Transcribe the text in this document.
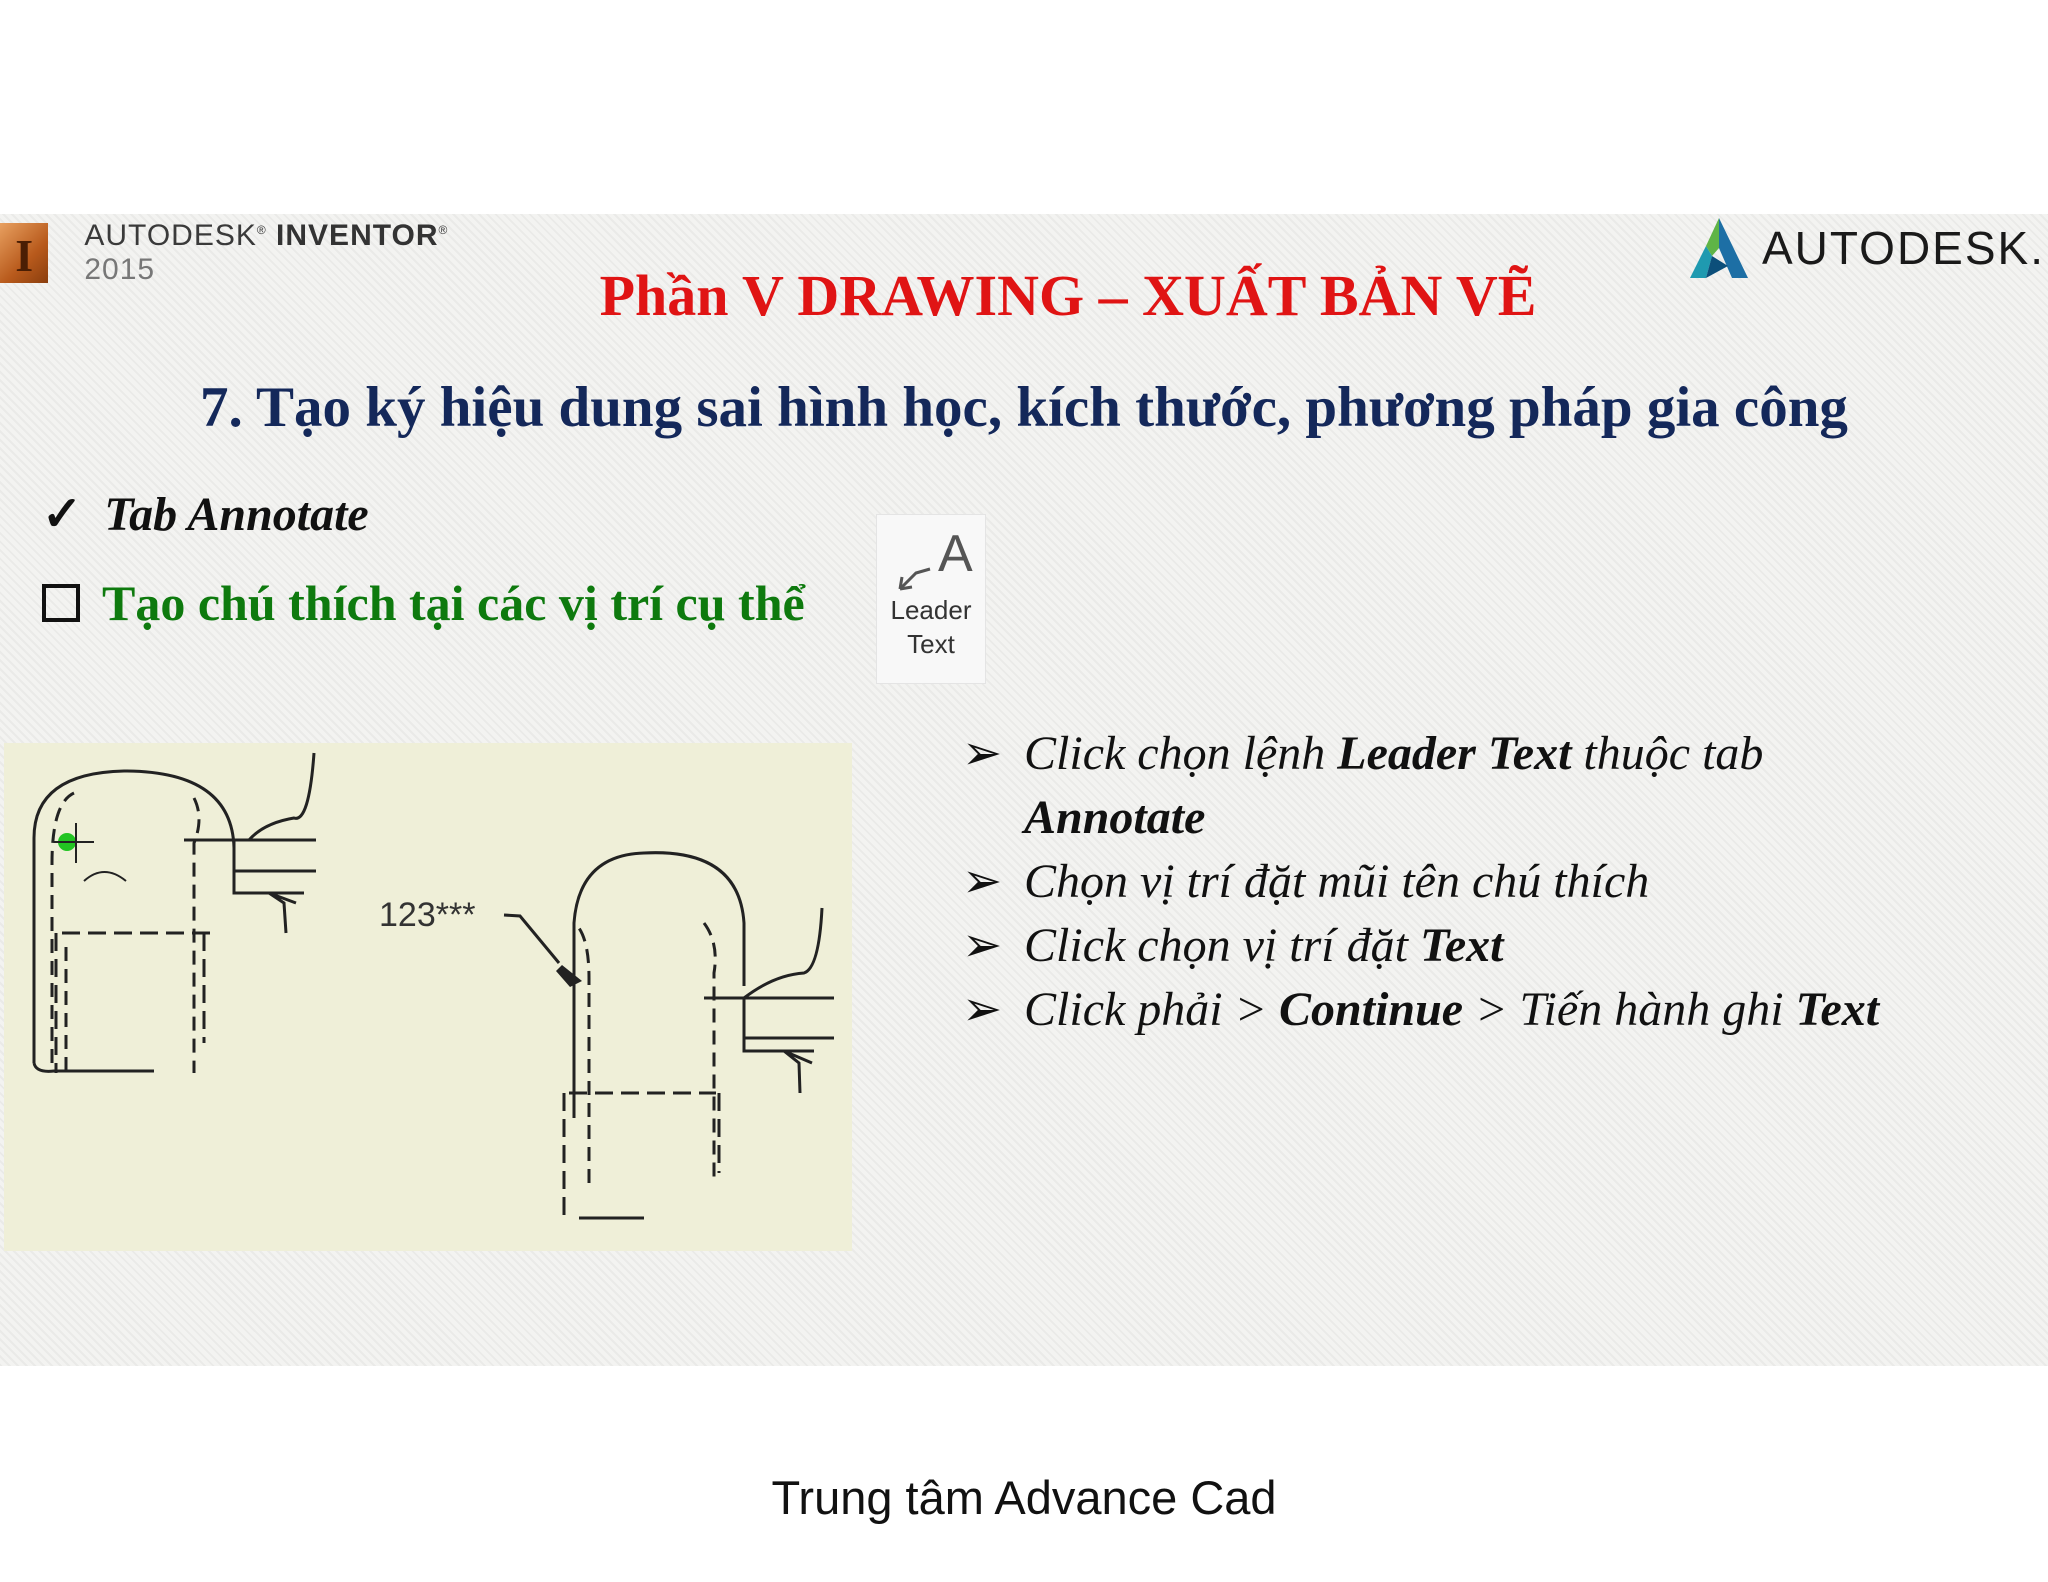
I	AUTODESK® INVENTOR® 2015	AUTODESK.
Phần V DRAWING – XUẤT BẢN VẼ
7. Tạo ký hiệu dung sai hình học, kích thước, phương pháp gia công
✓ Tab Annotate
Tạo chú thích tại các vị trí cụ thể
A
Leader
Text
123***
➢ Click chọn lệnh Leader Text thuộc tab
Annotate
➢ Chọn vị trí đặt mũi tên chú thích
➢ Click chọn vị trí đặt Text
➢ Click phải > Continue > Tiến hành ghi Text
Trung tâm Advance Cad
